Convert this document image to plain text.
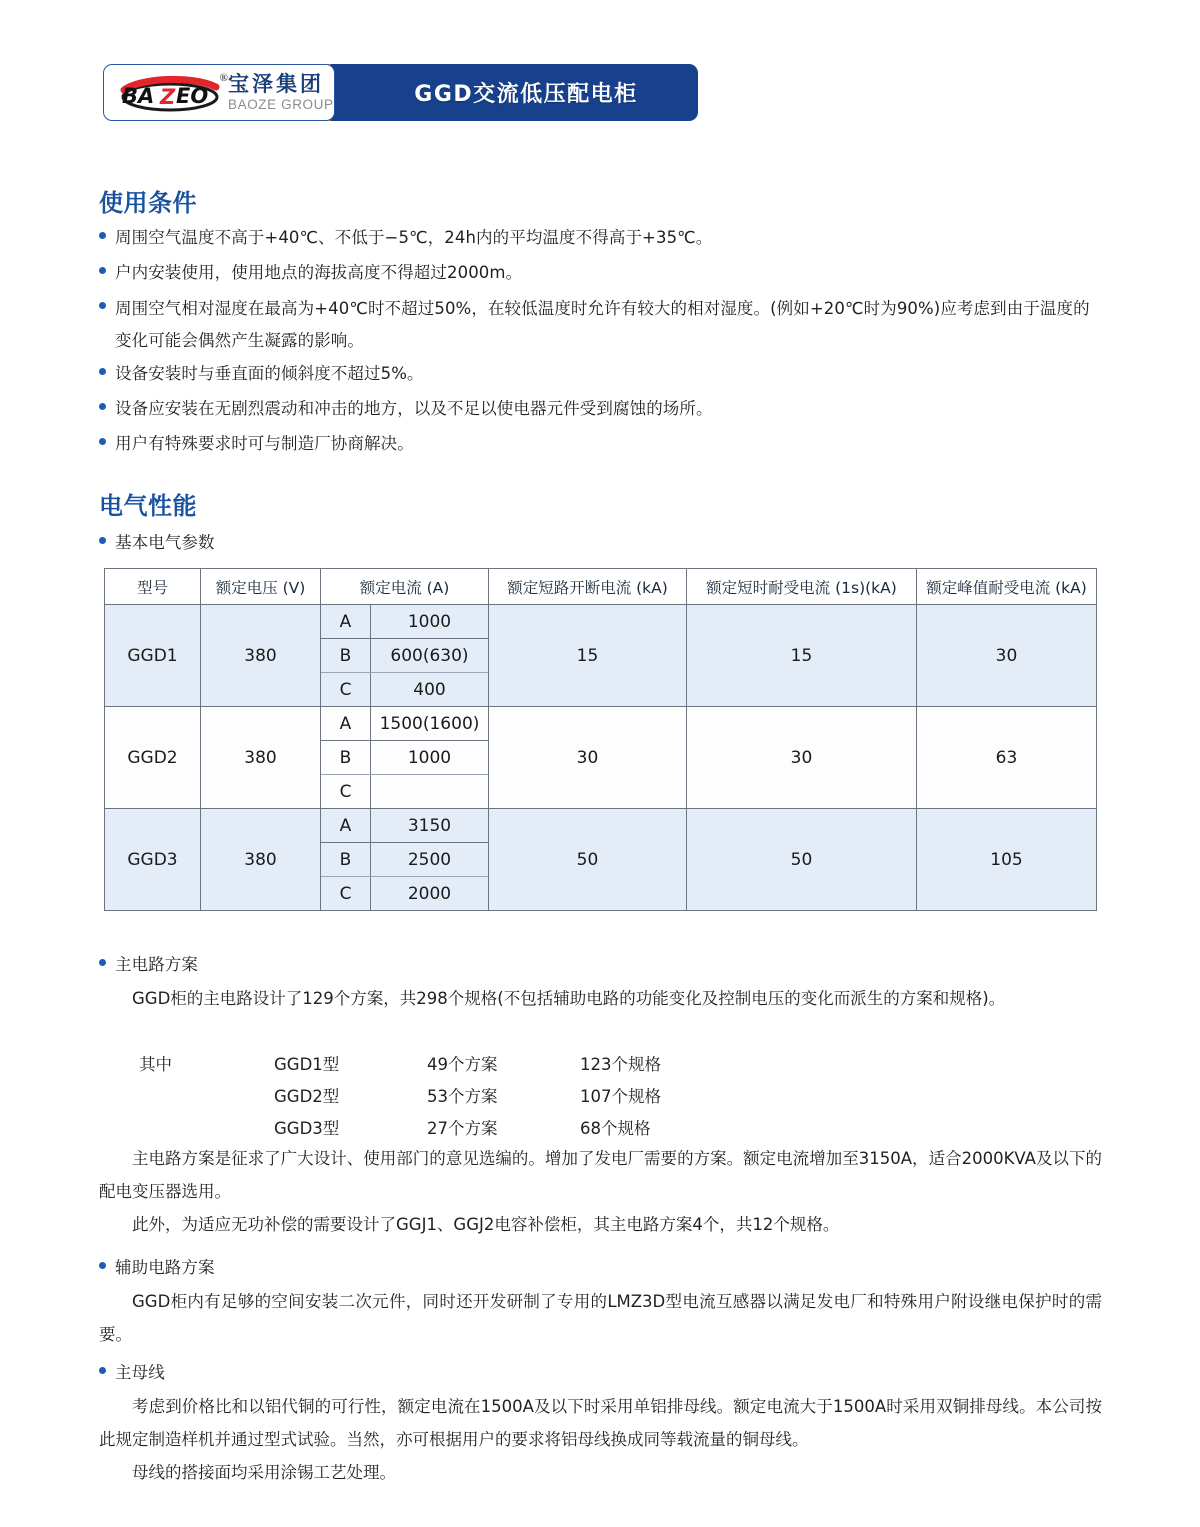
BA Z EO
® 宝泽集团
BAOZE GROUP	GGD交流低压配电柜
使用条件
周围空气温度不高于+40℃、不低于−5℃，24h内的平均温度不得高于+35℃。
户内安装使用，使用地点的海拔高度不得超过2000m。
周围空气相对湿度在最高为+40℃时不超过50%，在较低温度时允许有较大的相对湿度。(例如+20℃时为90%)应考虑到由于温度的变化可能会偶然产生凝露的影响。
设备安装时与垂直面的倾斜度不超过5%。
设备应安装在无剧烈震动和冲击的地方，以及不足以使电器元件受到腐蚀的场所。
用户有特殊要求时可与制造厂协商解决。
电气性能
基本电气参数
型号	额定电压 (V)	额定电流 (A)		额定短路开断电流 (kA)	额定短时耐受电流 (1s)(kA)	额定峰值耐受电流 (kA)
GGD1	380	A	1000	15	15	30
		B	600(630)			
		C	400			
GGD2	380	A	1500(1600)	30	30	63
		B	1000			
		C				
GGD3	380	A	3150	50	50	105
		B	2500			
		C	2000			
主电路方案
GGD柜的主电路设计了129个方案，共298个规格(不包括辅助电路的功能变化及控制电压的变化而派生的方案和规格)。
其中	GGD1型	49个方案	123个规格
GGD2型	53个方案	107个规格
GGD3型	27个方案	68个规格
主电路方案是征求了广大设计、使用部门的意见选编的。增加了发电厂需要的方案。额定电流增加至3150A，适合2000KVA及以下的配电变压器选用。
此外，为适应无功补偿的需要设计了GGJ1、GGJ2电容补偿柜，其主电路方案4个，共12个规格。
辅助电路方案
GGD柜内有足够的空间安装二次元件，同时还开发研制了专用的LMZ3D型电流互感器以满足发电厂和特殊用户附设继电保护时的需要。
主母线
考虑到价格比和以铝代铜的可行性，额定电流在1500A及以下时采用单铝排母线。额定电流大于1500A时采用双铜排母线。本公司按此规定制造样机并通过型式试验。当然，亦可根据用户的要求将铝母线换成同等载流量的铜母线。
母线的搭接面均采用涂锡工艺处理。
